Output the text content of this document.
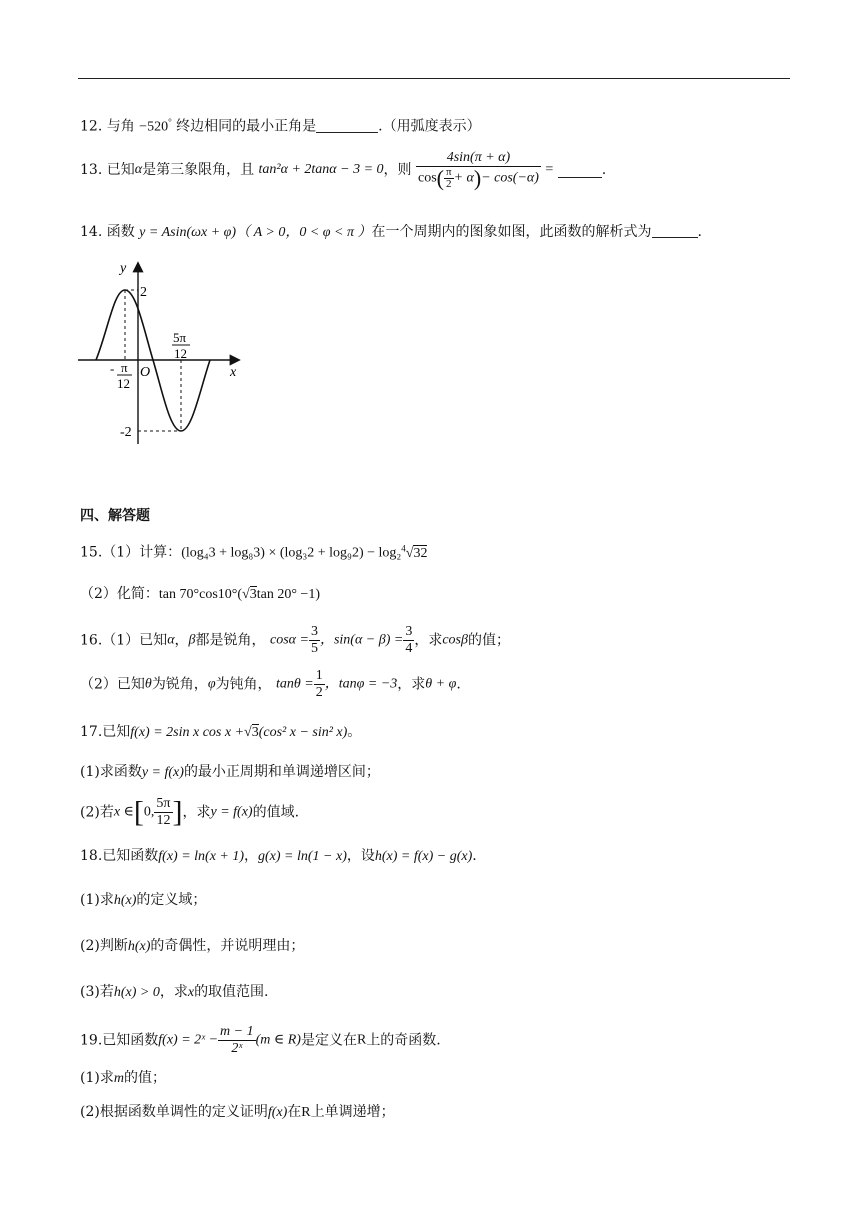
12. 与角 −520° 终边相同的最小正角是	.（用弧度表示）
13. 已知α是第三象限角，且 tan²α + 2tanα − 3 = 0，则 $\frac{4\sin(\pi + \alpha)}{\cos( \frac{\pi}{2} + \alpha)- \cos(-\alpha)}$ =	.
14. 函数 y = Asin(ωx + φ)（ A > 0，0 < φ < π ）在一个周期内的图象如图，此函数的解析式为	.
y
x
O
2
-2
- π
12
5π
12
四、解答题
15.（1）计算：(log₄3 + log₈3) × (log₃2 + log₉2) − log₂$^4$√32
（2）化简：tan 70°cos10°(√3tan 20° −1)
16.（1）已知α，β都是锐角， $\cos\alpha = \frac{3}{5}$ ，$\sin(\alpha - \beta) = \frac{3}{4}$ ，求cosβ的值；
（2）已知θ为锐角，φ为钝角， $\tan\theta = \frac{1}{2}$ ，tanφ = −3，求θ + φ.
17.已知f(x) = 2sin x cos x +√3(cos² x − sin² x)。
(1)求函数y = f(x)的最小正周期和单调递增区间；
(2)若x ∈[0, $\frac{5\pi}{12}$ ]，求y = f(x)的值域.
18.已知函数f(x) = ln(x + 1)，g(x) = ln(1 − x)，设h(x) = f(x) − g(x).
(1)求h(x)的定义域；
(2)判断h(x)的奇偶性，并说明理由；
(3)若h(x) > 0，求x的取值范围.
19.已知函数f(x) = 2ˣ − $\frac{m - 1}{\text{2ˣ}} (m$ ∈ R)是定义在R上的奇函数.
(1)求m的值；
(2)根据函数单调性的定义证明f(x)在R上单调递增；
